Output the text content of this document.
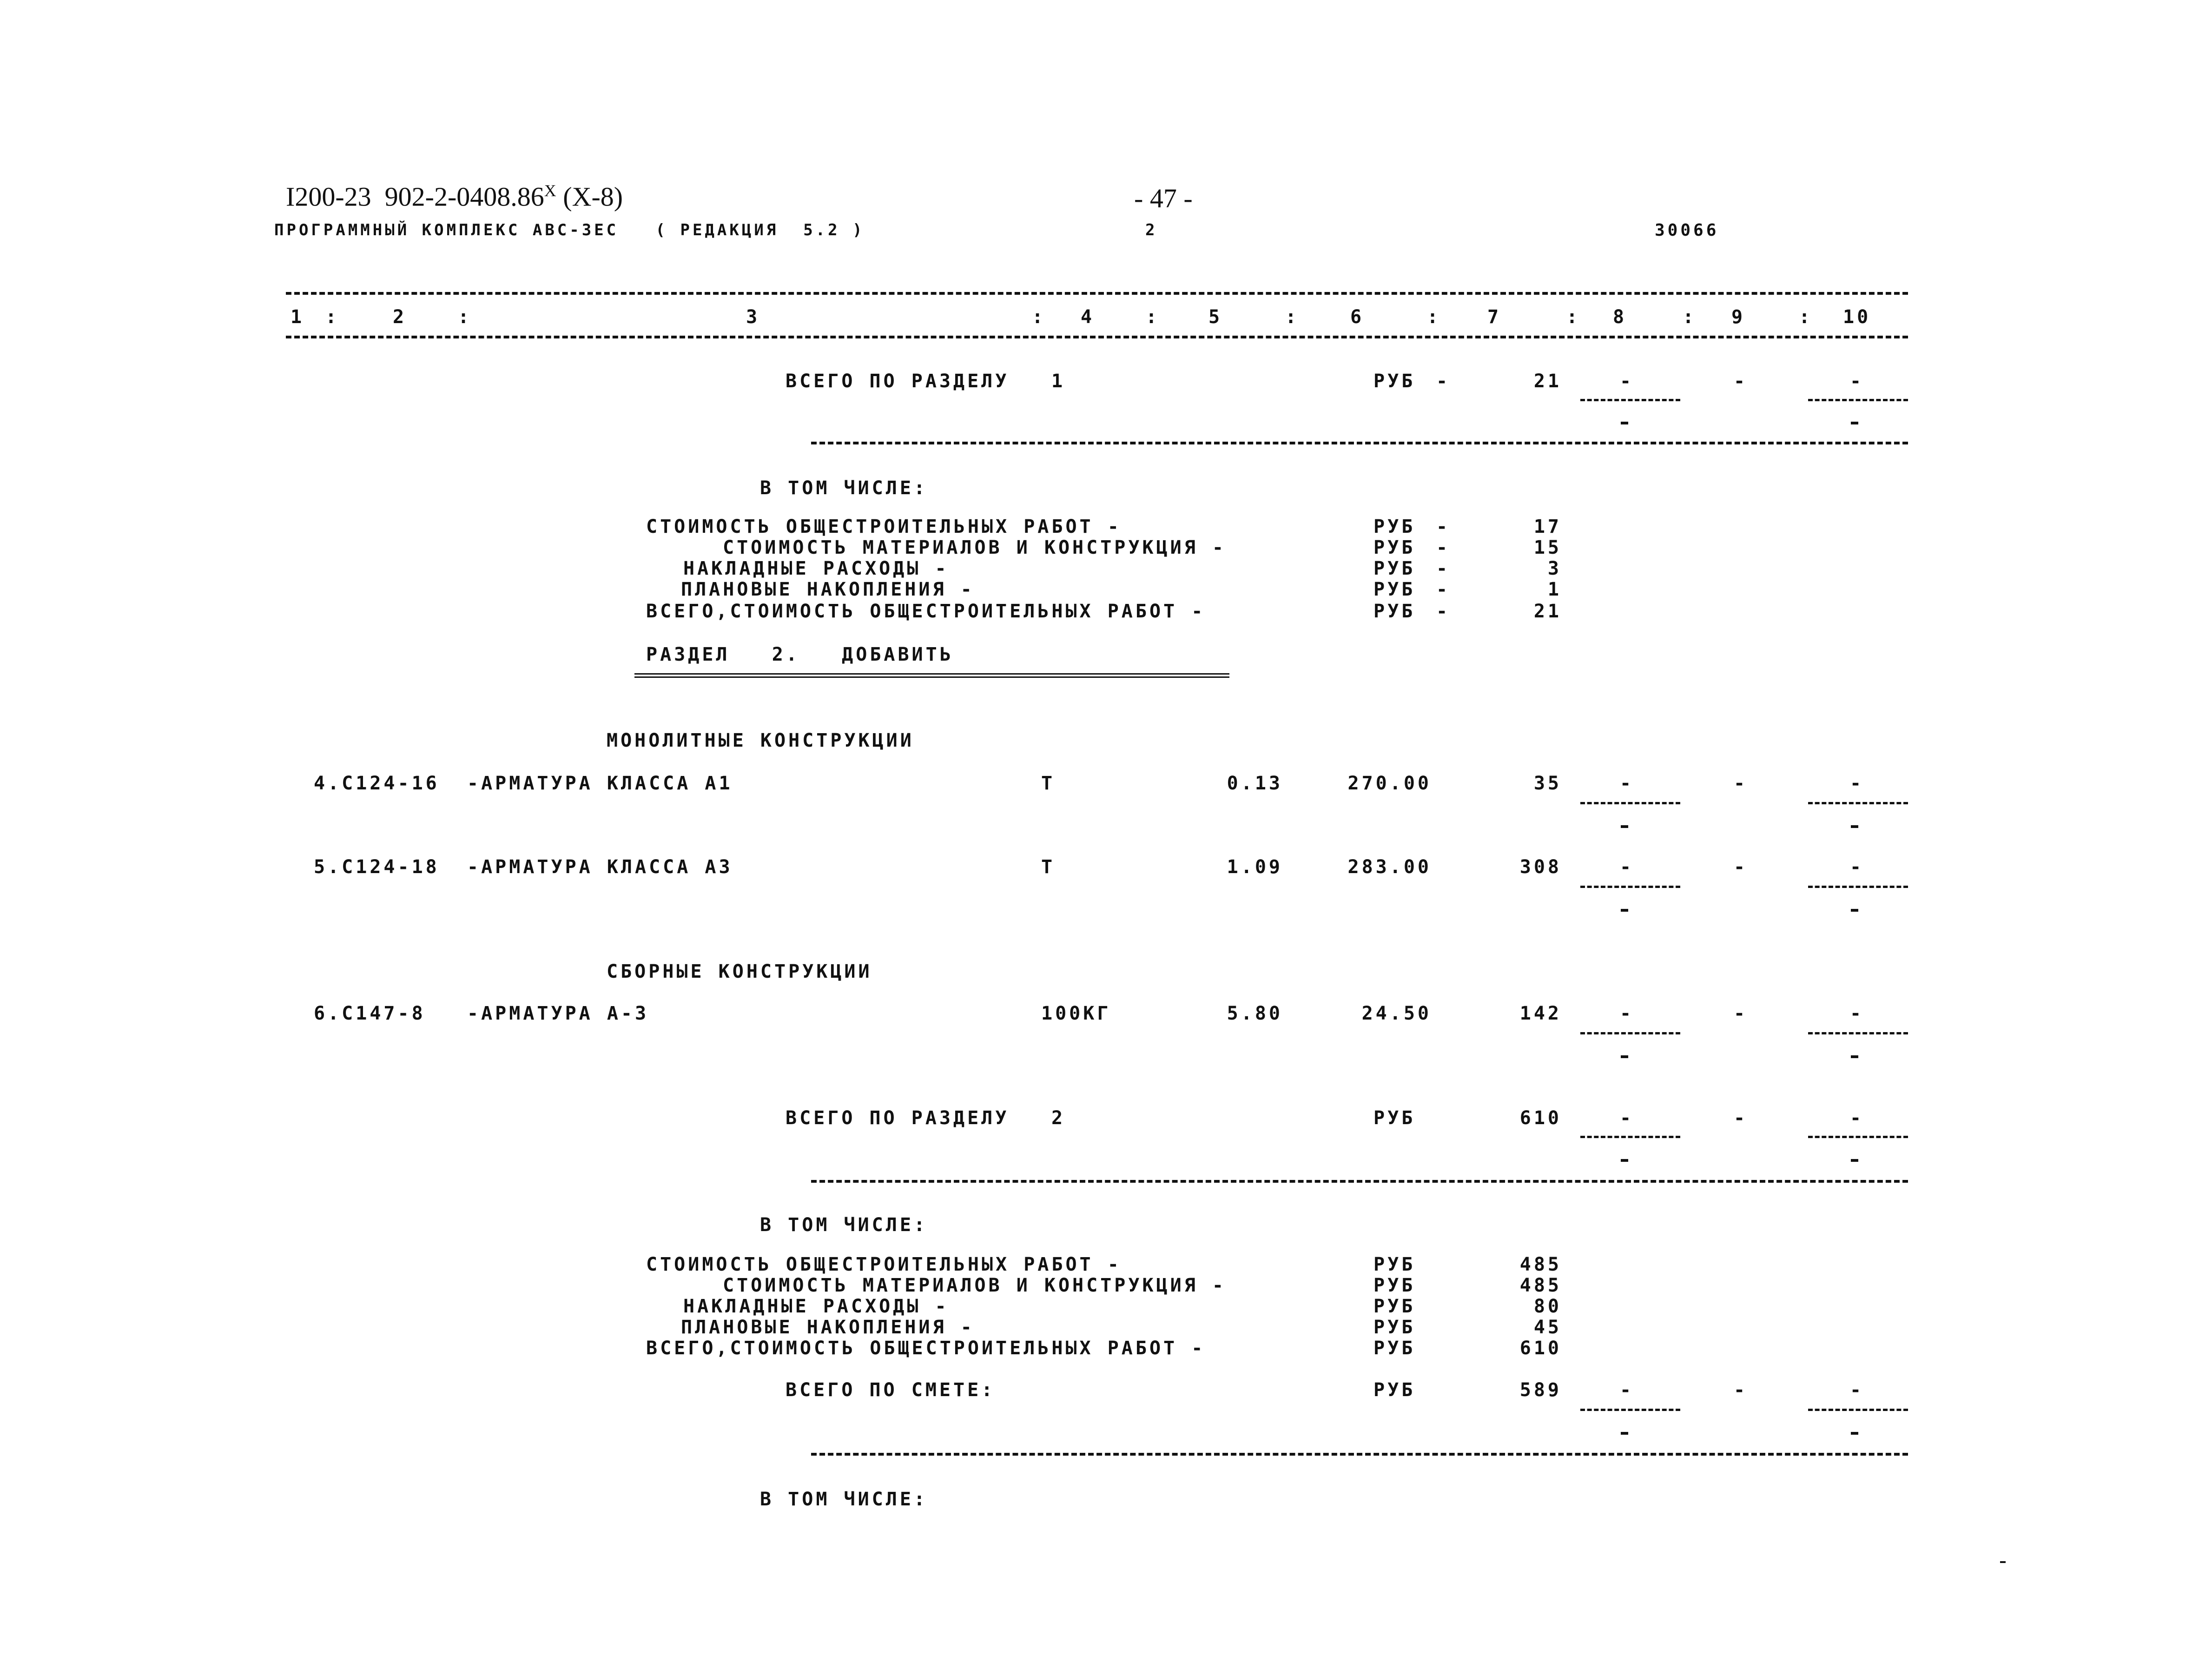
I200-23  $902-2-0408.86^X$ (X-8)	- 47 -
ПРОГРАММНЫЙ КОМПЛЕКС АВС-ЗЕС   ( РЕДАКЦИЯ  5.2 )	2	30066
1 :	2	:	3	: 4	:	5	:	6	: 7	: 8	: 9	: 10
ВСЕГО ПО РАЗДЕЛУ 1	РУБ -	21	-	-	-
В ТОМ ЧИСЛЕ:
СТОИМОСТЬ ОБЩЕСТРОИТЕЛЬНЫХ РАБОТ -	РУБ -	17
СТОИМОСТЬ МАТЕРИАЛОВ И КОНСТРУКЦИЯ -	РУБ -	15
НАКЛАДНЫЕ РАСХОДЫ -	РУБ -	3
ПЛАНОВЫЕ НАКОПЛЕНИЯ -	РУБ -	1
ВСЕГО,СТОИМОСТЬ ОБЩЕСТРОИТЕЛЬНЫХ РАБОТ -	РУБ -	21
РАЗДЕЛ   2.   ДОБАВИТЬ
МОНОЛИТНЫЕ КОНСТРУКЦИИ
4.С124-16 -АРМАТУРА КЛАССА А1	Т	0.13	270.00	35	-	-	-
5.С124-18 -АРМАТУРА КЛАССА А3	Т	1.09	283.00	308	-	-	-
СБОРНЫЕ КОНСТРУКЦИИ
6.С147-8 -АРМАТУРА А-3	100КГ	5.80	24.50	142	-	-	-
ВСЕГО ПО РАЗДЕЛУ 2	РУБ	610	-	-	-
В ТОМ ЧИСЛЕ:
СТОИМОСТЬ ОБЩЕСТРОИТЕЛЬНЫХ РАБОТ -	РУБ	485
СТОИМОСТЬ МАТЕРИАЛОВ И КОНСТРУКЦИЯ -	РУБ	485
НАКЛАДНЫЕ РАСХОДЫ -	РУБ	80
ПЛАНОВЫЕ НАКОПЛЕНИЯ -	РУБ	45
ВСЕГО,СТОИМОСТЬ ОБЩЕСТРОИТЕЛЬНЫХ РАБОТ -	РУБ	610
ВСЕГО ПО СМЕТЕ:	РУБ	589	-	-	-
В ТОМ ЧИСЛЕ:
